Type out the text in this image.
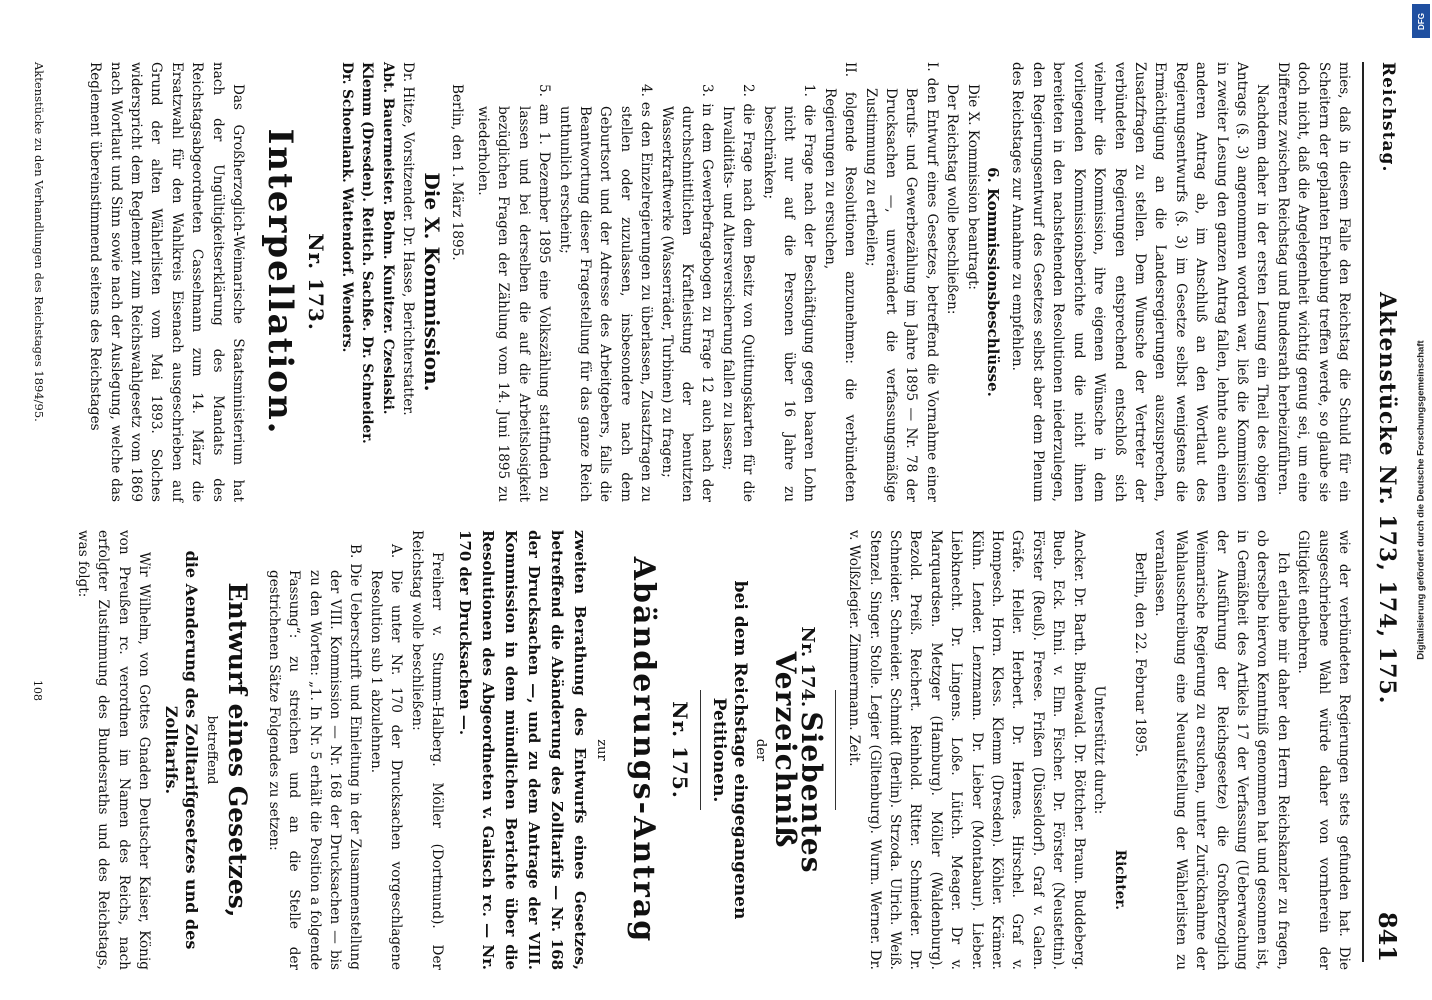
Reichstag.
Aktenstücke Nr. 173, 174, 175.
841

mies, daß in diesem Falle den Reichstag die Schuld für ein Scheitern der geplanten Erhebung treffen werde, so glaube sie doch nicht, daß die Angelegenheit wichtig genug sei, um eine Differenz zwischen Reichstag und Bundesrath herbeizuführen.

Nachdem daher in der ersten Lesung ein Theil des obigen Antrags (§. 3) angenommen worden war, ließ die Kommission in zweiter Lesung den ganzen Antrag fallen, lehnte auch einen anderen Antrag ab, im Anschluß an den Wortlaut des Regierungsentwurfs (§. 3) im Gesetze selbst wenigstens die Ermächtigung an die Landesregierungen auszusprechen, Zusatzfragen zu stellen. Dem Wunsche der Vertreter der verbündeten Regierungen entsprechend entschloß sich vielmehr die Kommission, ihre eigenen Wünsche in dem vorliegenden Kommissionsberichte und die nicht ihnen bereiteten in den nachstehenden Resolutionen niederzulegen, den Regierungsentwurf des Gesetzes selbst aber dem Plenum des Reichstages zur Annahme zu empfehlen.

6. Kommissionsbeschlüsse.

Die X. Kommission beantragt:

Der Reichstag wolle beschließen:

I. den Entwurf eines Gesetzes, betreffend die Vornahme einer Berufs- und Gewerbezählung im Jahre 1895 — Nr. 78 der Drucksachen —, unverändert die verfassungsmäßige Zustimmung zu ertheilen;

II. folgende Resolutionen anzunehmen: die verbündeten Regierungen zu ersuchen,

1. die Frage nach der Beschäftigung gegen baaren Lohn nicht nur auf die Personen über 16 Jahre zu beschränken;

2. die Frage nach dem Besitz von Quittungskarten für die Invaliditäts- und Altersversicherung fallen zu lassen;

3. in dem Gewerbefragebogen zu Frage 12 auch nach der durchschnittlichen Kraftleistung der benutzten Wasserkraftwerke (Wasserräder, Turbinen) zu fragen;

4. es den Einzelregierungen zu überlassen, Zusatzfragen zu stellen oder zuzulassen, insbesondere nach dem Geburtsort und der Adresse des Arbeitgebers, falls die Beantwortung dieser Fragestellung für das ganze Reich unthunlich erscheint;

5. am 1. Dezember 1895 eine Volkszählung stattfinden zu lassen und bei derselben die auf die Arbeitslosigkeit bezüglichen Fragen der Zählung vom 14. Juni 1895 zu wiederholen.

Berlin, den 1. März 1895.

Die X. Kommission.

Dr. Hitze, Vorsitzender. Dr. Hasse, Berichterstatter.

Abt. Bauermeister. Bohm. Kunitzer. Czeslaski.

Klemm (Dresden). Reitich. Sachße. Dr. Schneider.

Dr. Schoenlank. Wattendorf. Wenders.

Nr. 173.

Interpellation.

Das Großherzoglich-Weimarische Staatsministerium hat nach der Ungültigkeitserklärung des Mandats des Reichstagsabgeordneten Casselmann zum 14. März die Ersatzwahl für den Wahlkreis Eisenach ausgeschrieben auf Grund der alten Wählerlisten vom Mai 1893. Solches widerspricht dem Reglement zum Reichswahlgesetz vom 1869 nach Wortlaut und Sinn sowie nach der Auslegung, welche das Reglement übereinstimmend seitens des Reichstages

Aktenstücke zu den Verhandlungen des Reichstages 1894/95.
108	wie der verbündeten Regierungen stets gefunden hat. Die ausgeschriebene Wahl würde daher von vornherein der Giltigkeit entbehren.

Ich erlaube mir daher den Herrn Reichskanzler zu fragen, ob derselbe hiervon Kenntniß genommen hat und gesonnen ist, in Gemäßheit des Artikels 17 der Verfassung (Ueberwachung der Ausführung der Reichsgesetze) die Großherzoglich Weimarische Regierung zu ersuchen, unter Zurücknahme der Wahlausschreibung eine Neuaufstellung der Wählerlisten zu veranlassen.

Berlin, den 22. Februar 1895.

Richter.

Unterstützt durch:

Ancker. Dr. Barth. Bindewald. Dr. Böttcher. Braun. Buddeberg. Bueb. Eck. Ehni. v. Elm. Fischer. Dr. Förster (Neustettin). Förster (Reuß). Freese. Frißen (Düsseldorf). Graf v. Galen. Gräfe. Heller. Herbert. Dr. Hermes. Hirschel. Graf v. Hompesch. Horn. Kless. Klemm (Dresden). Köhler. Krämer. Kühn. Lender. Lenzmann. Dr. Lieber (Montabaur). Lieber. Liebknecht. Dr. Lingens. Loße. Lütich. Meager. Dr v. Marquardsen. Metzger (Hamburg). Möller (Waldenburg). Bezold. Preiß. Reichert. Reinhold. Ritter. Schmieder. Dr. Schneider. Schneider. Schmidt (Berlin). Strzoda. Ulrich. Weiß. Stenzel. Singer. Stolle. Legier (Giltenburg). Wurm. Werner. Dr. v. Wolßzlegier. Zimmermann. Zeit.

Nr. 174. Siebentes Verzeichniß

der

bei dem Reichstage eingegangenen Petitionen.

Nr. 175.

Abänderungs-Antrag

zur

zweiten Berathung des Entwurfs eines Gesetzes, betreffend die Abänderung des Zolltarifs — Nr. 168 der Drucksachen —, und zu dem Antrage der VIII. Kommission in dem mündlichen Berichte über die Resolutionen des Abgeordneten v. Galisch rc. — Nr. 170 der Drucksachen —.

Freiherr v. Stumm-Halberg. Möller (Dortmund). Der Reichstag wolle beschließen:

A. Die unter Nr. 170 der Drucksachen vorgeschlagene Resolution sub 1 abzulehnen.

B. Die Ueberschrift und Einleitung in der Zusammenstellung der VIII. Kommission — Nr. 168 der Drucksachen — bis zu den Worten: „1. In Nr. 5 erhält die Position a folgende Fassung“: zu streichen und an die Stelle der gestrichenen Sätze Folgendes zu setzen:

Entwurf eines Gesetzes,

betreffend

die Aenderung des Zolltarifgesetzes und des Zolltarifs.

Wir Wilhelm, von Gottes Gnaden Deutscher Kaiser, König von Preußen rc. verordnen im Namen des Reichs, nach erfolgter Zustimmung des Bundesraths und des Reichstags, was folgt:

DFG
Digitalisierung gefördert durch die Deutsche Forschungsgemeinschaft
